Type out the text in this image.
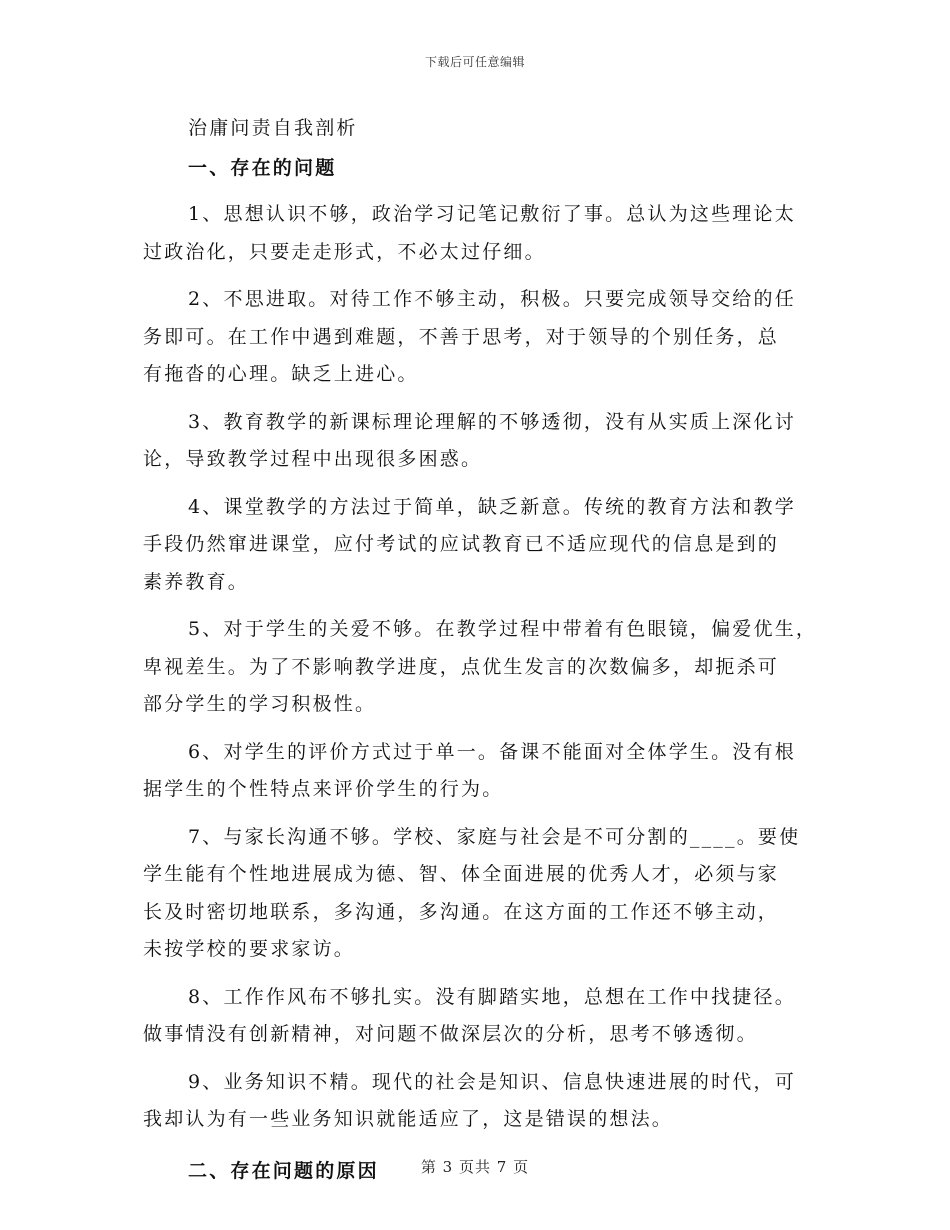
下载后可任意编辑
治庸问责自我剖析
一、存在的问题
1、思想认识不够，政治学习记笔记敷衍了事。总认为这些理论太
过政治化，只要走走形式，不必太过仔细。
2、不思进取。对待工作不够主动，积极。只要完成领导交给的任
务即可。在工作中遇到难题，不善于思考，对于领导的个别任务，总
有拖沓的心理。缺乏上进心。
3、教育教学的新课标理论理解的不够透彻，没有从实质上深化讨
论，导致教学过程中出现很多困惑。
4、课堂教学的方法过于简单，缺乏新意。传统的教育方法和教学
手段仍然窜进课堂，应付考试的应试教育已不适应现代的信息是到的
素养教育。
5、对于学生的关爱不够。在教学过程中带着有色眼镜，偏爱优生，
卑视差生。为了不影响教学进度，点优生发言的次数偏多，却扼杀可
部分学生的学习积极性。
6、对学生的评价方式过于单一。备课不能面对全体学生。没有根
据学生的个性特点来评价学生的行为。
7、与家长沟通不够。学校、家庭与社会是不可分割的____。要使
学生能有个性地进展成为德、智、体全面进展的优秀人才，必须与家
长及时密切地联系，多沟通，多沟通。在这方面的工作还不够主动，
未按学校的要求家访。
8、工作作风布不够扎实。没有脚踏实地，总想在工作中找捷径。
做事情没有创新精神，对问题不做深层次的分析，思考不够透彻。
9、业务知识不精。现代的社会是知识、信息快速进展的时代，可
我却认为有一些业务知识就能适应了，这是错误的想法。
二、存在问题的原因	第 3 页共 7 页
